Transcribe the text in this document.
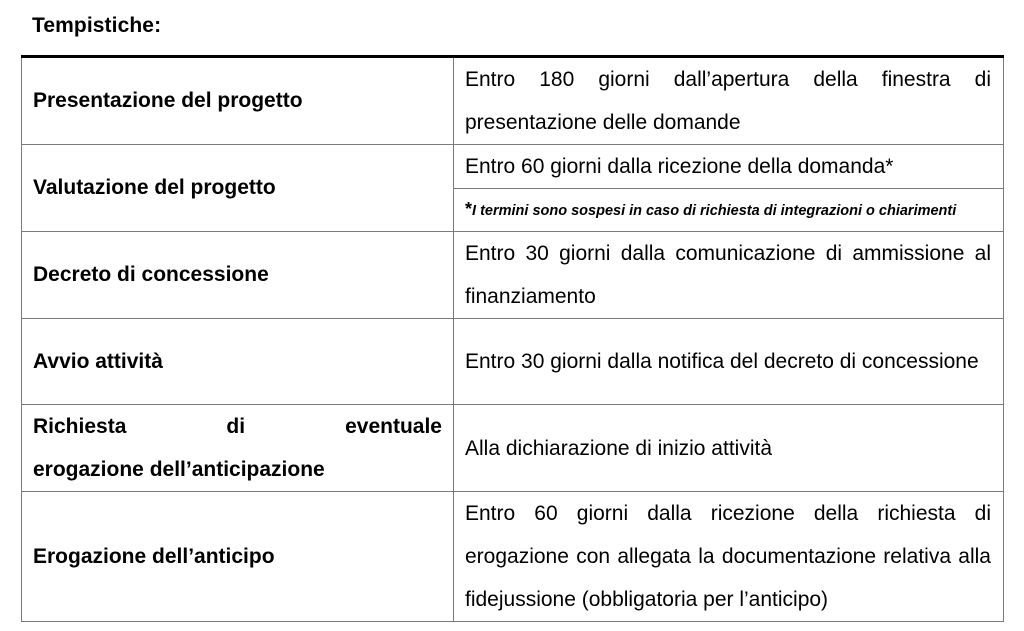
Tempistiche:
Presentazione del progetto	Entro 180 giorni dall’apertura della finestra di presentazione delle domande

Valutazione del progetto	Entro 60 giorni dalla ricezione della domanda*

	*I termini sono sospesi in caso di richiesta di integrazioni o chiarimenti
Decreto di concessione	Entro 30 giorni dalla comunicazione di ammissione al finanziamento

Avvio attività	Entro 30 giorni dalla notifica del decreto di concessione

Richiesta di eventuale
erogazione dell’anticipazione	Alla dichiarazione di inizio attività

Erogazione dell’anticipo	Entro 60 giorni dalla ricezione della richiesta di erogazione con allegata la documentazione relativa alla fidejussione (obbligatoria per l’anticipo)
